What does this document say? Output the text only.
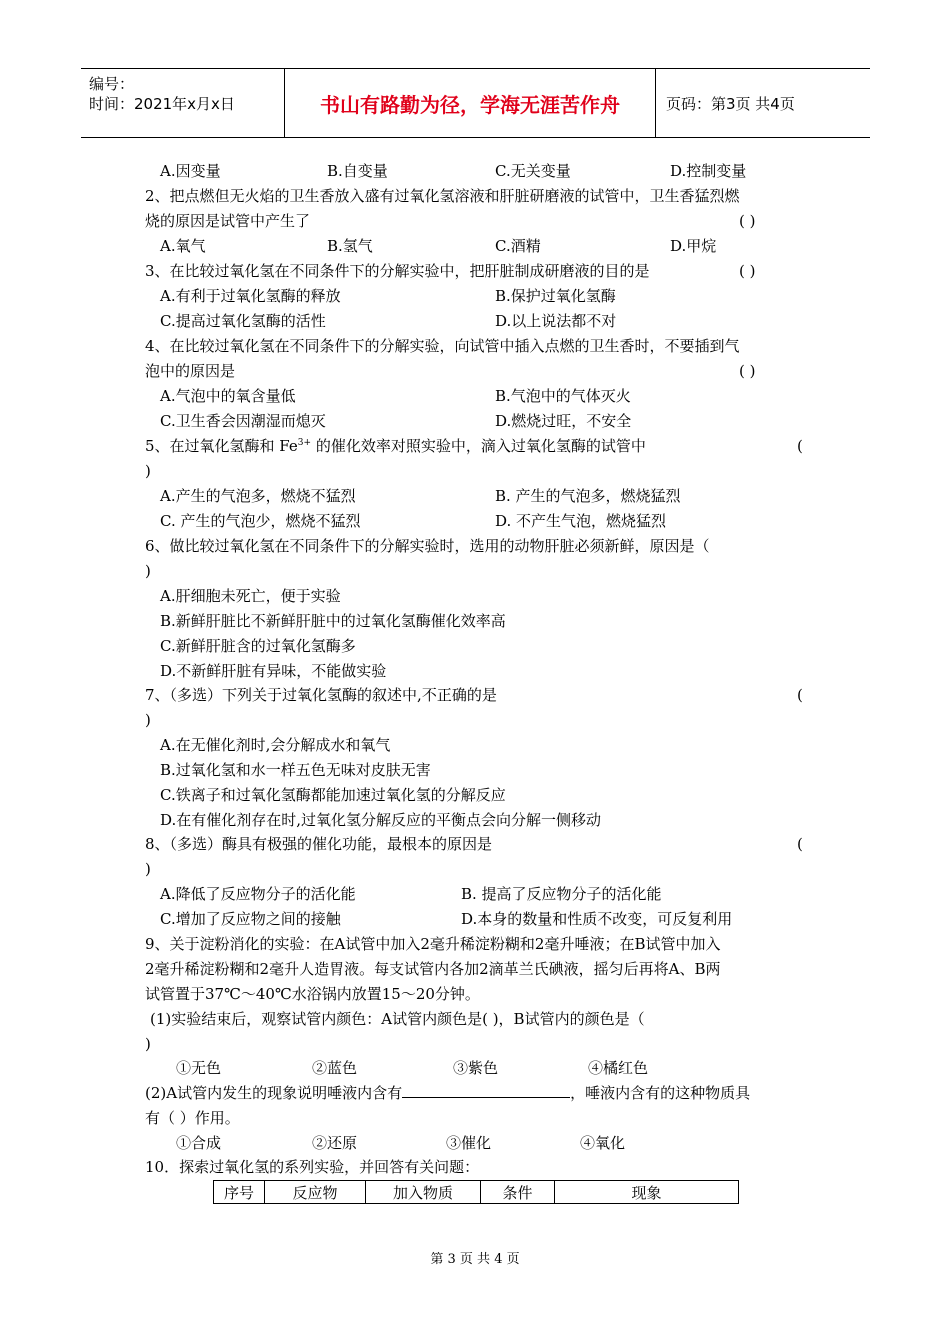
编号：
时间：2021年x月x日	书山有路勤为径，学海无涯苦作舟	页码：第3页 共4页
A.因变量	B.自变量	C.无关变量	D.控制变量
2、把点燃但无火焰的卫生香放入盛有过氧化氢溶液和肝脏研磨液的试管中，卫生香猛烈燃
烧的原因是试管中产生了	( )
A.氧气	B.氢气	C.酒精	D.甲烷
3、在比较过氧化氢在不同条件下的分解实验中，把肝脏制成研磨液的目的是	( )
A.有利于过氧化氢酶的释放	B.保护过氧化氢酶
C.提高过氧化氢酶的活性	D.以上说法都不对
4、在比较过氧化氢在不同条件下的分解实验，向试管中插入点燃的卫生香时，不要插到气
泡中的原因是	( )
A.气泡中的氧含量低	B.气泡中的气体灭火
C.卫生香会因潮湿而熄灭	D.燃烧过旺，不安全
5、在过氧化氢酶和 $Fe^{3+}$ 的催化效率对照实验中，滴入过氧化氢酶的试管中	(
)
A.产生的气泡多，燃烧不猛烈	B. 产生的气泡多，燃烧猛烈
C. 产生的气泡少，燃烧不猛烈	D. 不产生气泡，燃烧猛烈
6、做比较过氧化氢在不同条件下的分解实验时，选用的动物肝脏必须新鲜，原因是（
)
A.肝细胞未死亡，便于实验
B.新鲜肝脏比不新鲜肝脏中的过氧化氢酶催化效率高
C.新鲜肝脏含的过氧化氢酶多
D.不新鲜肝脏有异味，不能做实验
7、（多选）下列关于过氧化氢酶的叙述中,不正确的是	(
)
A.在无催化剂时,会分解成水和氧气
B.过氧化氢和水一样五色无味对皮肤无害
C.铁离子和过氧化氢酶都能加速过氧化氢的分解反应
D.在有催化剂存在时,过氧化氢分解反应的平衡点会向分解一侧移动
8、（多选）酶具有极强的催化功能，最根本的原因是	(
)
A.降低了反应物分子的活化能	B. 提高了反应物分子的活化能
C.增加了反应物之间的接触	D.本身的数量和性质不改变，可反复利用
9、关于淀粉消化的实验：在A试管中加入2毫升稀淀粉糊和2毫升唾液；在B试管中加入
2毫升稀淀粉糊和2毫升人造胃液。每支试管内各加2滴革兰氏碘液，摇匀后再将A、B两
试管置于37℃～40℃水浴锅内放置15～20分钟。
(1)实验结束后，观察试管内颜色：A试管内颜色是( )，B试管内的颜色是（
)
①无色	②蓝色	③紫色	④橘红色
(2)A试管内发生的现象说明唾液内含有	，唾液内含有的这种物质具
有（ ）作用。
①合成	②还原	③催化	④氧化
10．探索过氧化氢的系列实验，并回答有关问题：
序号	反应物	加入物质	条件	现象
第 3 页 共 4 页
